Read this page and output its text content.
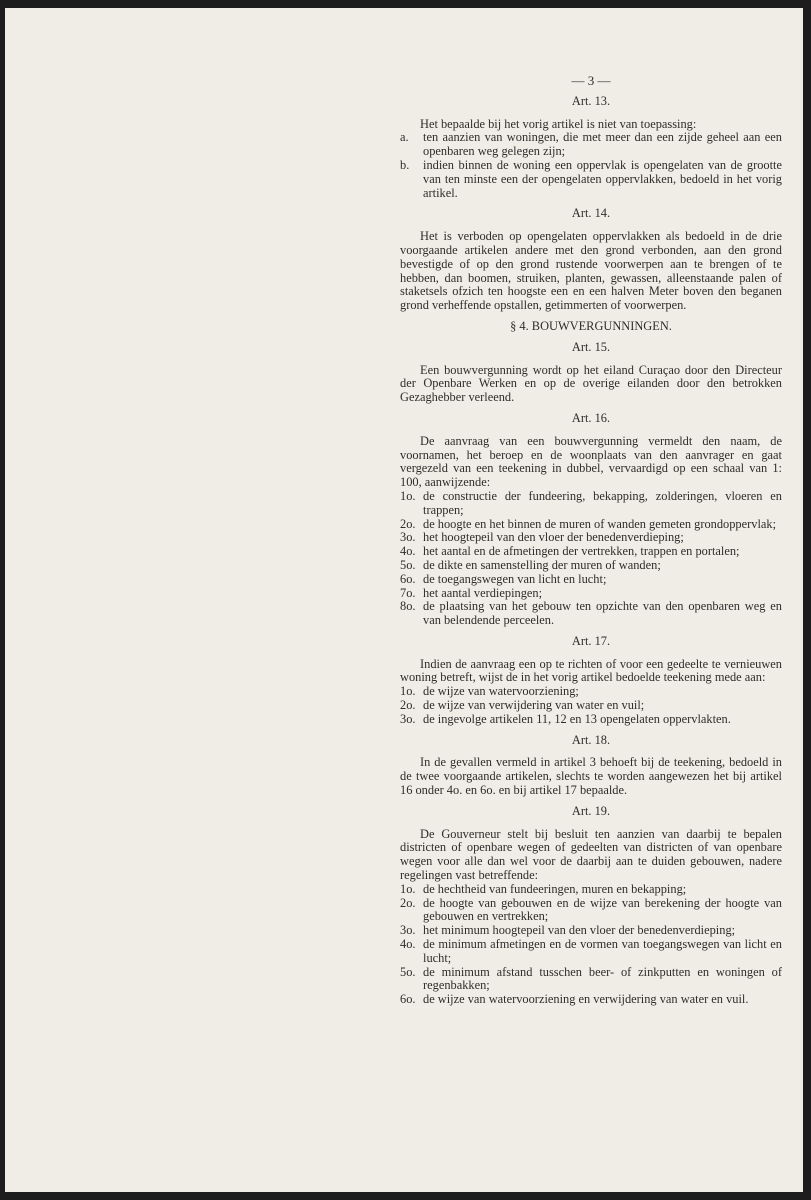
— 3 —
Art. 13.

Het bepaalde bij het vorig artikel is niet van toepassing:

a.	ten aanzien van woningen, die met meer dan een zijde geheel aan een openbaren weg gelegen zijn;
b.	indien binnen de woning een oppervlak is opengelaten van de grootte van ten minste een der opengelaten oppervlakken, bedoeld in het vorig artikel.
Art. 14.

Het is verboden op opengelaten oppervlakken als bedoeld in de drie voorgaande artikelen andere met den grond verbonden, aan den grond bevestigde of op den grond rustende voorwerpen aan te brengen of te hebben, dan boomen, struiken, planten, gewassen, alleenstaande palen of staketsels ofzich ten hoogste een en een halven Meter boven den beganen grond verheffende opstallen, getimmerten of voorwerpen.

§ 4. BOUWVERGUNNINGEN.
Art. 15.

Een bouwvergunning wordt op het eiland Curaçao door den Directeur der Openbare Werken en op de overige eilanden door den betrokken Gezaghebber verleend.

Art. 16.

De aanvraag van een bouwvergunning vermeldt den naam, de voornamen, het beroep en de woonplaats van den aanvrager en gaat vergezeld van een teekening in dubbel, vervaardigd op een schaal van 1: 100, aanwijzende:

1o. de constructie der fundeering, bekapping, zolderingen, vloeren en trappen;
2o. de hoogte en het binnen de muren of wanden gemeten grondoppervlak;
3o. het hoogtepeil van den vloer der benedenverdieping;
4o. het aantal en de afmetingen der vertrekken, trappen en portalen;
5o. de dikte en samenstelling der muren of wanden;
6o. de toegangswegen van licht en lucht;
7o. het aantal verdiepingen;
8o. de plaatsing van het gebouw ten opzichte van den openbaren weg en van belendende perceelen.
Art. 17.

Indien de aanvraag een op te richten of voor een gedeelte te vernieuwen woning betreft, wijst de in het vorig artikel bedoelde teekening mede aan:

1o. de wijze van watervoorziening;
2o. de wijze van verwijdering van water en vuil;
3o. de ingevolge artikelen 11, 12 en 13 opengelaten oppervlakten.
Art. 18.

In de gevallen vermeld in artikel 3 behoeft bij de teekening, bedoeld in de twee voorgaande artikelen, slechts te worden aangewezen het bij artikel 16 onder 4o. en 6o. en bij artikel 17 bepaalde.

Art. 19.

De Gouverneur stelt bij besluit ten aanzien van daarbij te bepalen districten of openbare wegen of gedeelten van districten of van openbare wegen voor alle dan wel voor de daarbij aan te duiden gebouwen, nadere regelingen vast betreffende:

1o. de hechtheid van fundeeringen, muren en bekapping;
2o. de hoogte van gebouwen en de wijze van berekening der hoogte van gebouwen en vertrekken;
3o. het minimum hoogtepeil van den vloer der benedenverdieping;
4o. de minimum afmetingen en de vormen van toegangswegen van licht en lucht;
5o. de minimum afstand tusschen beer- of zinkputten en woningen of regenbakken;
6o. de wijze van watervoorziening en verwijdering van water en vuil.
